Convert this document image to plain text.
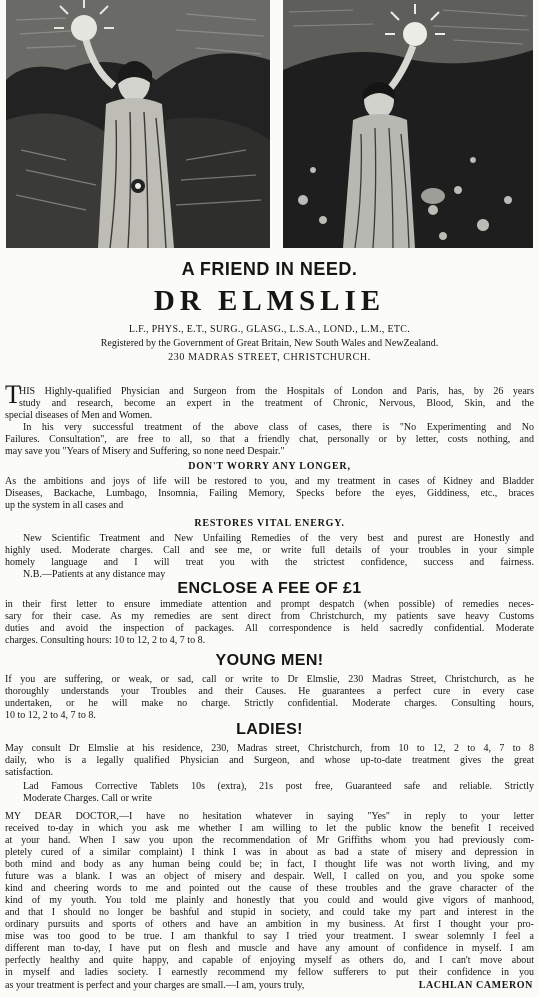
A FRIEND IN NEED.
DR ELMSLIE
L.F., PHYS., E.T., SURG., GLASG., L.S.A., LOND., L.M., ETC.
Registered by the Government of Great Britain, New South Wales and NewZealand.
230 MADRAS STREET, CHRISTCHURCH.
T
HIS Highly-qualified Physician and Surgeon from the Hospitals of London and Paris, has, by 26 years
study and research, become an expert in the treatment of Chronic, Nervous, Blood, Skin, and the
special diseases of Men and Women.
In his very successful treatment of the above class of cases, there is "No Experimenting and No
Failures. Consultation", are free to all, so that a friendly chat, personally or by letter, costs nothing, and
may save you "Years of Misery and Suffering, so none need Despair."
DON'T WORRY ANY LONGER,
As the ambitions and joys of life will be restored to you, and my treatment in cases of Kidney and Bladder
Diseases, Backache, Lumbago, Insomnia, Failing Memory, Specks before the eyes, Giddiness, etc., braces
up the system in all cases and
RESTORES VITAL ENERGY.
New Scientific Treatment and New Unfailing Remedies of the very best and purest are Honestly and
highly used. Moderate charges. Call and see me, or write full details of your troubles in your simple
homely language and I will treat you with the strictest confidence, success and fairness.
N.B.—Patients at any distance may
ENCLOSE A FEE OF £1
in their first letter to ensure immediate attention and prompt despatch (when possible) of remedies neces-
sary for their case. As my remedies are sent direct from Christchurch, my patients save heavy Customs
duties and avoid the inspection of packages. All correspondence is held sacredly confidential. Moderate
charges. Consulting hours: 10 to 12, 2 to 4, 7 to 8.
YOUNG MEN!
If you are suffering, or weak, or sad, call or write to Dr Elmslie, 230 Madras Street, Christchurch, as he
thoroughly understands your Troubles and their Causes. He guarantees a perfect cure in every case
undertaken, or he will make no charge. Strictly confidential. Moderate charges. Consulting hours,
10 to 12, 2 to 4, 7 to 8.
LADIES!
May consult Dr Elmslie at his residence, 230, Madras street, Christchurch, from 10 to 12, 2 to 4, 7 to 8
daily, who is a legally qualified Physician and Surgeon, and whose up-to-date treatment gives the great
satisfaction.
Lad Famous Corrective Tablets 10s (extra), 21s post free, Guaranteed safe and reliable. Strictly
Moderate Charges. Call or write
MY DEAR DOCTOR,—I have no hesitation whatever in saying "Yes" in reply to your letter
received to-day in which you ask me whether I am willing to let the public know the benefit I received
at your hand. When I saw you upon the recommendation of Mr Griffiths whom you had previously com-
pletely cured of a similar complaint) I think I was in about as bad a state of misery and depression in
both mind and body as any human being could be; in fact, I thought life was not worth living, and my
future was a blank. I was an object of misery and despair. Well, I called on you, and you spoke some
kind and cheering words to me and pointed out the cause of these troubles and the grave character of the
kind of my youth. You told me plainly and honestly that you could and would give vigors of manhood,
and that I should no longer be bashful and stupid in society, and could take my part and interest in the
ordinary pursuits and sports of others and have an ambition in my business. At first I thought your pro-
mise was too good to be true. I am thankful to say I tried your treatment. I swear solemnly I feel a
different man to-day, I have put on flesh and muscle and have any amount of confidence in myself. I am
perfectly healthy and quite happy, and capable of enjoying myself as others do, and I can't move about
in myself and ladies society. I earnestly recommend my fellow sufferers to put their confidence in you
as your treatment is perfect and your charges are small.—I am, yours truly,	LACHLAN CAMERON
